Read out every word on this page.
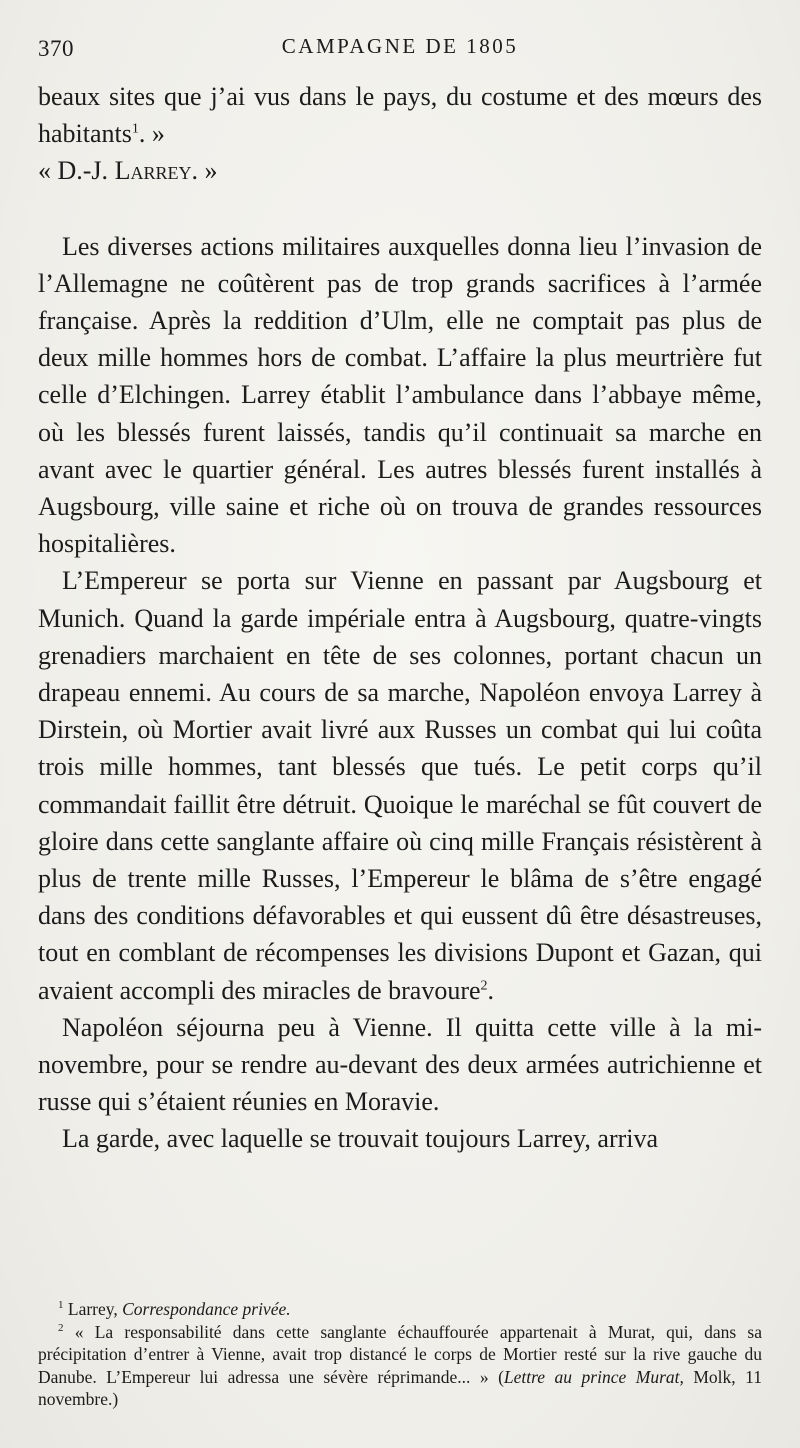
370	CAMPAGNE DE 1805

beaux sites que j’ai vus dans le pays, du costume et des mœurs des habitants$^1$. »

« D.-J. Larrey. »

Les diverses actions militaires auxquelles donna lieu l’invasion de l’Allemagne ne coûtèrent pas de trop grands sacrifices à l’armée française. Après la reddition d’Ulm, elle ne comptait pas plus de deux mille hommes hors de combat. L’affaire la plus meurtrière fut celle d’Elchingen. Larrey établit l’ambulance dans l’abbaye même, où les blessés furent laissés, tandis qu’il continuait sa marche en avant avec le quartier général. Les autres blessés furent installés à Augsbourg, ville saine et riche où on trouva de grandes ressources hospitalières.

L’Empereur se porta sur Vienne en passant par Augsbourg et Munich. Quand la garde impériale entra à Augsbourg, quatre-vingts grenadiers marchaient en tête de ses colonnes, portant chacun un drapeau ennemi. Au cours de sa marche, Napoléon envoya Larrey à Dirstein, où Mortier avait livré aux Russes un combat qui lui coûta trois mille hommes, tant blessés que tués. Le petit corps qu’il commandait faillit être détruit. Quoique le maréchal se fût couvert de gloire dans cette sanglante affaire où cinq mille Français résistèrent à plus de trente mille Russes, l’Empereur le blâma de s’être engagé dans des conditions défavorables et qui eussent dû être désastreuses, tout en comblant de récompenses les divisions Dupont et Gazan, qui avaient accompli des miracles de bravoure$^2$.

Napoléon séjourna peu à Vienne. Il quitta cette ville à la mi-novembre, pour se rendre au-devant des deux armées autrichienne et russe qui s’étaient réunies en Moravie.

La garde, avec laquelle se trouvait toujours Larrey, arriva

$^1$ Larrey, Correspondance privée.

$^2$ « La responsabilité dans cette sanglante échauffourée appartenait à Murat, qui, dans sa précipitation d’entrer à Vienne, avait trop distancé le corps de Mortier resté sur la rive gauche du Danube. L’Empereur lui adressa une sévère réprimande... » (Lettre au prince Murat, Molk, 11 novembre.)
